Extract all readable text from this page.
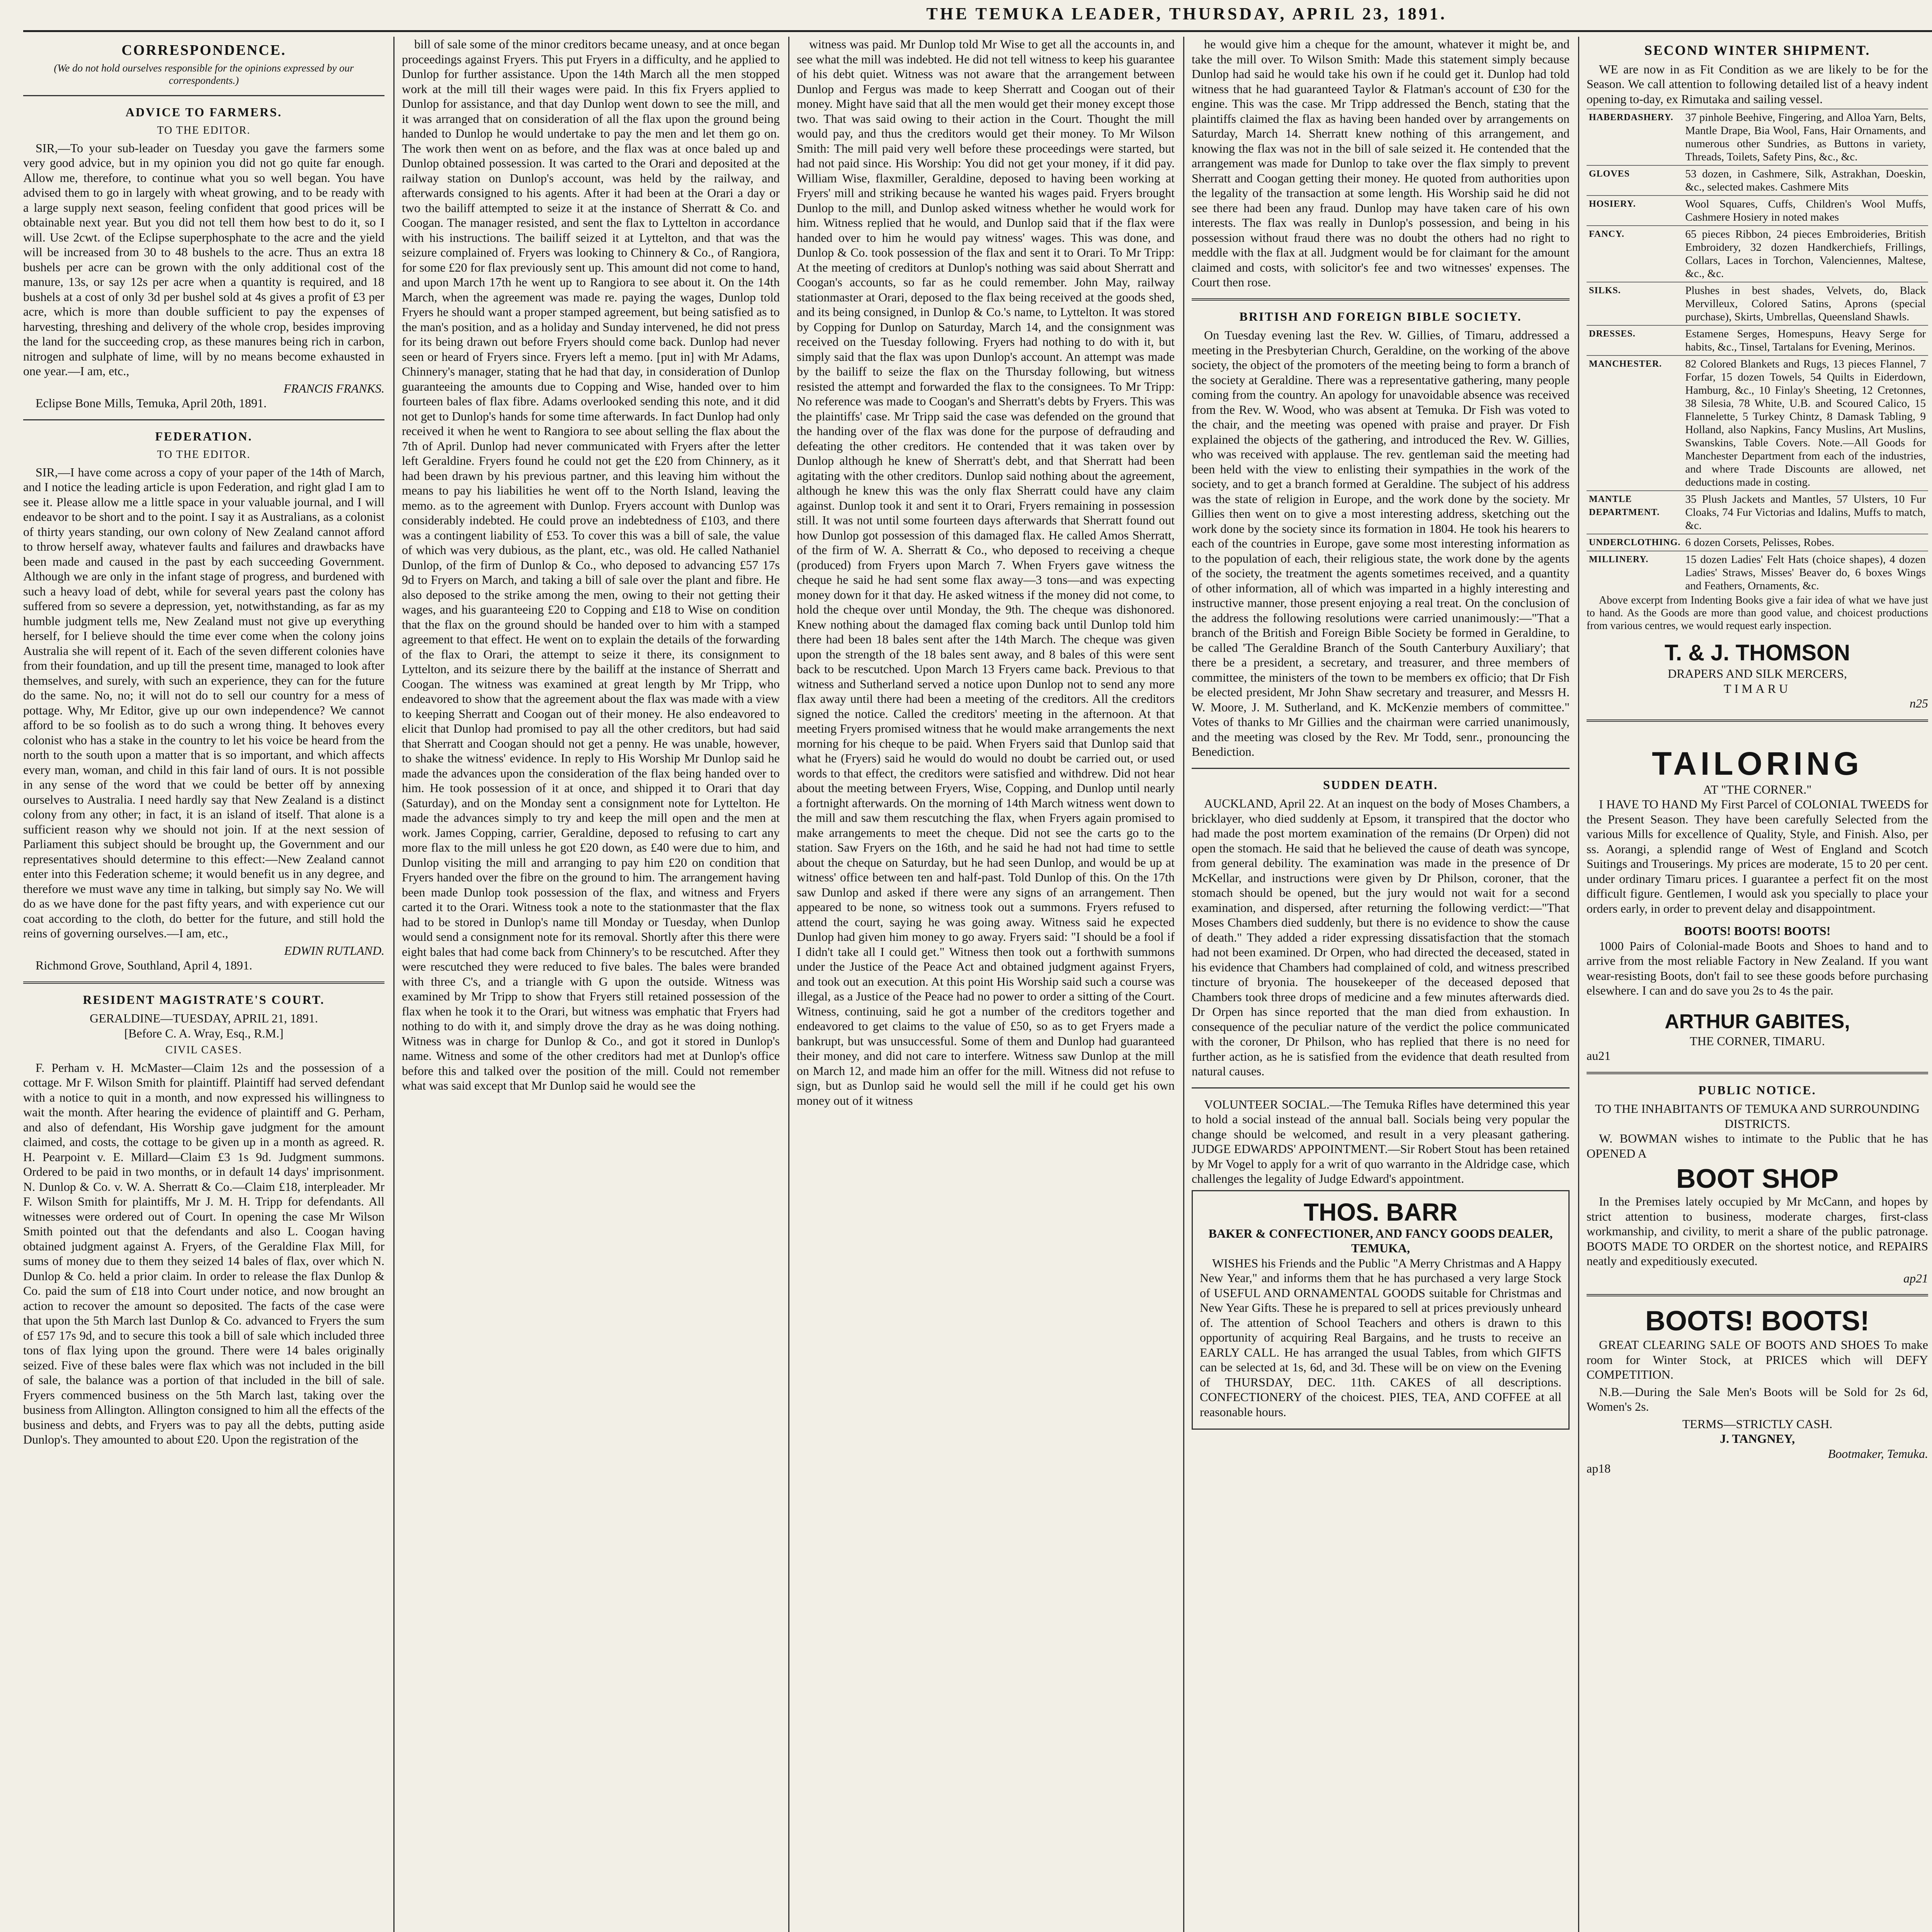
THE TEMUKA LEADER, THURSDAY, APRIL 23, 1891.
CORRESPONDENCE.
(We do not hold ourselves responsible for the opinions expressed by our correspondents.)
ADVICE TO FARMERS.
TO THE EDITOR.

SIR,—To your sub-leader on Tuesday you gave the farmers some very good advice, but in my opinion you did not go quite far enough. Allow me, therefore, to continue what you so well began. You have advised them to go in largely with wheat growing, and to be ready with a large supply next season, feeling confident that good prices will be obtainable next year. But you did not tell them how best to do it, so I will. Use 2cwt. of the Eclipse superphosphate to the acre and the yield will be increased from 30 to 48 bushels to the acre. Thus an extra 18 bushels per acre can be grown with the only additional cost of the manure, 13s, or say 12s per acre when a quantity is required, and 18 bushels at a cost of only 3d per bushel sold at 4s gives a profit of £3 per acre, which is more than double sufficient to pay the expenses of harvesting, threshing and delivery of the whole crop, besides improving the land for the succeeding crop, as these manures being rich in carbon, nitrogen and sulphate of lime, will by no means become exhausted in one year.—I am, etc.,

FRANCIS FRANKS.

Eclipse Bone Mills, Temuka, April 20th, 1891.

FEDERATION.
TO THE EDITOR.

SIR,—I have come across a copy of your paper of the 14th of March, and I notice the leading article is upon Federation, and right glad I am to see it. Please allow me a little space in your valuable journal, and I will endeavor to be short and to the point. I say it as Australians, as a colonist of thirty years standing, our own colony of New Zealand cannot afford to throw herself away, whatever faults and failures and drawbacks have been made and caused in the past by each succeeding Government. Although we are only in the infant stage of progress, and burdened with such a heavy load of debt, while for several years past the colony has suffered from so severe a depression, yet, notwithstanding, as far as my humble judgment tells me, New Zealand must not give up everything herself, for I believe should the time ever come when the colony joins Australia she will repent of it. Each of the seven different colonies have from their foundation, and up till the present time, managed to look after themselves, and surely, with such an experience, they can for the future do the same. No, no; it will not do to sell our country for a mess of pottage. Why, Mr Editor, give up our own independence? We cannot afford to be so foolish as to do such a wrong thing. It behoves every colonist who has a stake in the country to let his voice be heard from the north to the south upon a matter that is so important, and which affects every man, woman, and child in this fair land of ours. It is not possible in any sense of the word that we could be better off by annexing ourselves to Australia. I need hardly say that New Zealand is a distinct colony from any other; in fact, it is an island of itself. That alone is a sufficient reason why we should not join. If at the next session of Parliament this subject should be brought up, the Government and our representatives should determine to this effect:—New Zealand cannot enter into this Federation scheme; it would benefit us in any degree, and therefore we must wave any time in talking, but simply say No. We will do as we have done for the past fifty years, and with experience cut our coat according to the cloth, do better for the future, and still hold the reins of governing ourselves.—I am, etc.,

EDWIN RUTLAND.

Richmond Grove, Southland, April 4, 1891.

RESIDENT MAGISTRATE'S COURT.
GERALDINE—TUESDAY, APRIL 21, 1891.
[Before C. A. Wray, Esq., R.M.]
CIVIL CASES.

F. Perham v. H. McMaster—Claim 12s and the possession of a cottage. Mr F. Wilson Smith for plaintiff. Plaintiff had served defendant with a notice to quit in a month, and now expressed his willingness to wait the month. After hearing the evidence of plaintiff and G. Perham, and also of defendant, His Worship gave judgment for the amount claimed, and costs, the cottage to be given up in a month as agreed. R. H. Pearpoint v. E. Millard—Claim £3 1s 9d. Judgment summons. Ordered to be paid in two months, or in default 14 days' imprisonment. N. Dunlop & Co. v. W. A. Sherratt & Co.—Claim £18, interpleader. Mr F. Wilson Smith for plaintiffs, Mr J. M. H. Tripp for defendants. All witnesses were ordered out of Court. In opening the case Mr Wilson Smith pointed out that the defendants and also L. Coogan having obtained judgment against A. Fryers, of the Geraldine Flax Mill, for sums of money due to them they seized 14 bales of flax, over which N. Dunlop & Co. held a prior claim. In order to release the flax Dunlop & Co. paid the sum of £18 into Court under notice, and now brought an action to recover the amount so deposited. The facts of the case were that upon the 5th March last Dunlop & Co. advanced to Fryers the sum of £57 17s 9d, and to secure this took a bill of sale which included three tons of flax lying upon the ground. There were 14 bales originally seized. Five of these bales were flax which was not included in the bill of sale, the balance was a portion of that included in the bill of sale. Fryers commenced business on the 5th March last, taking over the business from Allington. Allington consigned to him all the effects of the business and debts, and Fryers was to pay all the debts, putting aside Dunlop's. They amounted to about £20. Upon the registration of the

bill of sale some of the minor creditors became uneasy, and at once began proceedings against Fryers. This put Fryers in a difficulty, and he applied to Dunlop for further assistance. Upon the 14th March all the men stopped work at the mill till their wages were paid. In this fix Fryers applied to Dunlop for assistance, and that day Dunlop went down to see the mill, and it was arranged that on consideration of all the flax upon the ground being handed to Dunlop he would undertake to pay the men and let them go on. The work then went on as before, and the flax was at once baled up and Dunlop obtained possession. It was carted to the Orari and deposited at the railway station on Dunlop's account, was held by the railway, and afterwards consigned to his agents. After it had been at the Orari a day or two the bailiff attempted to seize it at the instance of Sherratt & Co. and Coogan. The manager resisted, and sent the flax to Lyttelton in accordance with his instructions. The bailiff seized it at Lyttelton, and that was the seizure complained of. Fryers was looking to Chinnery & Co., of Rangiora, for some £20 for flax previously sent up. This amount did not come to hand, and upon March 17th he went up to Rangiora to see about it. On the 14th March, when the agreement was made re. paying the wages, Dunlop told Fryers he should want a proper stamped agreement, but being satisfied as to the man's position, and as a holiday and Sunday intervened, he did not press for its being drawn out before Fryers should come back. Dunlop had never seen or heard of Fryers since. Fryers left a memo. [put in] with Mr Adams, Chinnery's manager, stating that he had that day, in consideration of Dunlop guaranteeing the amounts due to Copping and Wise, handed over to him fourteen bales of flax fibre. Adams overlooked sending this note, and it did not get to Dunlop's hands for some time afterwards. In fact Dunlop had only received it when he went to Rangiora to see about selling the flax about the 7th of April. Dunlop had never communicated with Fryers after the letter left Geraldine. Fryers found he could not get the £20 from Chinnery, as it had been drawn by his previous partner, and this leaving him without the means to pay his liabilities he went off to the North Island, leaving the memo. as to the agreement with Dunlop. Fryers account with Dunlop was considerably indebted. He could prove an indebtedness of £103, and there was a contingent liability of £53. To cover this was a bill of sale, the value of which was very dubious, as the plant, etc., was old. He called Nathaniel Dunlop, of the firm of Dunlop & Co., who deposed to advancing £57 17s 9d to Fryers on March, and taking a bill of sale over the plant and fibre. He also deposed to the strike among the men, owing to their not getting their wages, and his guaranteeing £20 to Copping and £18 to Wise on condition that the flax on the ground should be handed over to him with a stamped agreement to that effect. He went on to explain the details of the forwarding of the flax to Orari, the attempt to seize it there, its consignment to Lyttelton, and its seizure there by the bailiff at the instance of Sherratt and Coogan. The witness was examined at great length by Mr Tripp, who endeavored to show that the agreement about the flax was made with a view to keeping Sherratt and Coogan out of their money. He also endeavored to elicit that Dunlop had promised to pay all the other creditors, but had said that Sherratt and Coogan should not get a penny. He was unable, however, to shake the witness' evidence. In reply to His Worship Mr Dunlop said he made the advances upon the consideration of the flax being handed over to him. He took possession of it at once, and shipped it to Orari that day (Saturday), and on the Monday sent a consignment note for Lyttelton. He made the advances simply to try and keep the mill open and the men at work. James Copping, carrier, Geraldine, deposed to refusing to cart any more flax to the mill unless he got £20 down, as £40 were due to him, and Dunlop visiting the mill and arranging to pay him £20 on condition that Fryers handed over the fibre on the ground to him. The arrangement having been made Dunlop took possession of the flax, and witness and Fryers carted it to the Orari. Witness took a note to the stationmaster that the flax had to be stored in Dunlop's name till Monday or Tuesday, when Dunlop would send a consignment note for its removal. Shortly after this there were eight bales that had come back from Chinnery's to be rescutched. After they were rescutched they were reduced to five bales. The bales were branded with three C's, and a triangle with G upon the outside. Witness was examined by Mr Tripp to show that Fryers still retained possession of the flax when he took it to the Orari, but witness was emphatic that Fryers had nothing to do with it, and simply drove the dray as he was doing nothing. Witness was in charge for Dunlop & Co., and got it stored in Dunlop's name. Witness and some of the other creditors had met at Dunlop's office before this and talked over the position of the mill. Could not remember what was said except that Mr Dunlop said he would see the

witness was paid. Mr Dunlop told Mr Wise to get all the accounts in, and see what the mill was indebted. He did not tell witness to keep his guarantee of his debt quiet. Witness was not aware that the arrangement between Dunlop and Fergus was made to keep Sherratt and Coogan out of their money. Might have said that all the men would get their money except those two. That was said owing to their action in the Court. Thought the mill would pay, and thus the creditors would get their money. To Mr Wilson Smith: The mill paid very well before these proceedings were started, but had not paid since. His Worship: You did not get your money, if it did pay. William Wise, flaxmiller, Geraldine, deposed to having been working at Fryers' mill and striking because he wanted his wages paid. Fryers brought Dunlop to the mill, and Dunlop asked witness whether he would work for him. Witness replied that he would, and Dunlop said that if the flax were handed over to him he would pay witness' wages. This was done, and Dunlop & Co. took possession of the flax and sent it to Orari. To Mr Tripp: At the meeting of creditors at Dunlop's nothing was said about Sherratt and Coogan's accounts, so far as he could remember. John May, railway stationmaster at Orari, deposed to the flax being received at the goods shed, and its being consigned, in Dunlop & Co.'s name, to Lyttelton. It was stored by Copping for Dunlop on Saturday, March 14, and the consignment was received on the Tuesday following. Fryers had nothing to do with it, but simply said that the flax was upon Dunlop's account. An attempt was made by the bailiff to seize the flax on the Thursday following, but witness resisted the attempt and forwarded the flax to the consignees. To Mr Tripp: No reference was made to Coogan's and Sherratt's debts by Fryers. This was the plaintiffs' case. Mr Tripp said the case was defended on the ground that the handing over of the flax was done for the purpose of defrauding and defeating the other creditors. He contended that it was taken over by Dunlop although he knew of Sherratt's debt, and that Sherratt had been agitating with the other creditors. Dunlop said nothing about the agreement, although he knew this was the only flax Sherratt could have any claim against. Dunlop took it and sent it to Orari, Fryers remaining in possession still. It was not until some fourteen days afterwards that Sherratt found out how Dunlop got possession of this damaged flax. He called Amos Sherratt, of the firm of W. A. Sherratt & Co., who deposed to receiving a cheque (produced) from Fryers upon March 7. When Fryers gave witness the cheque he said he had sent some flax away—3 tons—and was expecting money down for it that day. He asked witness if the money did not come, to hold the cheque over until Monday, the 9th. The cheque was dishonored. Knew nothing about the damaged flax coming back until Dunlop told him there had been 18 bales sent after the 14th March. The cheque was given upon the strength of the 18 bales sent away, and 8 bales of this were sent back to be rescutched. Upon March 13 Fryers came back. Previous to that witness and Sutherland served a notice upon Dunlop not to send any more flax away until there had been a meeting of the creditors. All the creditors signed the notice. Called the creditors' meeting in the afternoon. At that meeting Fryers promised witness that he would make arrangements the next morning for his cheque to be paid. When Fryers said that Dunlop said that what he (Fryers) said he would do would no doubt be carried out, or used words to that effect, the creditors were satisfied and withdrew. Did not hear about the meeting between Fryers, Wise, Copping, and Dunlop until nearly a fortnight afterwards. On the morning of 14th March witness went down to the mill and saw them rescutching the flax, when Fryers again promised to make arrangements to meet the cheque. Did not see the carts go to the station. Saw Fryers on the 16th, and he said he had not had time to settle about the cheque on Saturday, but he had seen Dunlop, and would be up at witness' office between ten and half-past. Told Dunlop of this. On the 17th saw Dunlop and asked if there were any signs of an arrangement. Then appeared to be none, so witness took out a summons. Fryers refused to attend the court, saying he was going away. Witness said he expected Dunlop had given him money to go away. Fryers said: "I should be a fool if I didn't take all I could get." Witness then took out a forthwith summons under the Justice of the Peace Act and obtained judgment against Fryers, and took out an execution. At this point His Worship said such a course was illegal, as a Justice of the Peace had no power to order a sitting of the Court. Witness, continuing, said he got a number of the creditors together and endeavored to get claims to the value of £50, so as to get Fryers made a bankrupt, but was unsuccessful. Some of them and Dunlop had guaranteed their money, and did not care to interfere. Witness saw Dunlop at the mill on March 12, and made him an offer for the mill. Witness did not refuse to sign, but as Dunlop said he would sell the mill if he could get his own money out of it witness

he would give him a cheque for the amount, whatever it might be, and take the mill over. To Wilson Smith: Made this statement simply because Dunlop had said he would take his own if he could get it. Dunlop had told witness that he had guaranteed Taylor & Flatman's account of £30 for the engine. This was the case. Mr Tripp addressed the Bench, stating that the plaintiffs claimed the flax as having been handed over by arrangements on Saturday, March 14. Sherratt knew nothing of this arrangement, and knowing the flax was not in the bill of sale seized it. He contended that the arrangement was made for Dunlop to take over the flax simply to prevent Sherratt and Coogan getting their money. He quoted from authorities upon the legality of the transaction at some length. His Worship said he did not see there had been any fraud. Dunlop may have taken care of his own interests. The flax was really in Dunlop's possession, and being in his possession without fraud there was no doubt the others had no right to meddle with the flax at all. Judgment would be for claimant for the amount claimed and costs, with solicitor's fee and two witnesses' expenses. The Court then rose.

BRITISH AND FOREIGN BIBLE SOCIETY.

On Tuesday evening last the Rev. W. Gillies, of Timaru, addressed a meeting in the Presbyterian Church, Geraldine, on the working of the above society, the object of the promoters of the meeting being to form a branch of the society at Geraldine. There was a representative gathering, many people coming from the country. An apology for unavoidable absence was received from the Rev. W. Wood, who was absent at Temuka. Dr Fish was voted to the chair, and the meeting was opened with praise and prayer. Dr Fish explained the objects of the gathering, and introduced the Rev. W. Gillies, who was received with applause. The rev. gentleman said the meeting had been held with the view to enlisting their sympathies in the work of the society, and to get a branch formed at Geraldine. The subject of his address was the state of religion in Europe, and the work done by the society. Mr Gillies then went on to give a most interesting address, sketching out the work done by the society since its formation in 1804. He took his hearers to each of the countries in Europe, gave some most interesting information as to the population of each, their religious state, the work done by the agents of the society, the treatment the agents sometimes received, and a quantity of other information, all of which was imparted in a highly interesting and instructive manner, those present enjoying a real treat. On the conclusion of the address the following resolutions were carried unanimously:—"That a branch of the British and Foreign Bible Society be formed in Geraldine, to be called 'The Geraldine Branch of the South Canterbury Auxiliary'; that there be a president, a secretary, and treasurer, and three members of committee, the ministers of the town to be members ex officio; that Dr Fish be elected president, Mr John Shaw secretary and treasurer, and Messrs H. W. Moore, J. M. Sutherland, and K. McKenzie members of committee." Votes of thanks to Mr Gillies and the chairman were carried unanimously, and the meeting was closed by the Rev. Mr Todd, senr., pronouncing the Benediction.

SUDDEN DEATH.

AUCKLAND, April 22. At an inquest on the body of Moses Chambers, a bricklayer, who died suddenly at Epsom, it transpired that the doctor who had made the post mortem examination of the remains (Dr Orpen) did not open the stomach. He said that he believed the cause of death was syncope, from general debility. The examination was made in the presence of Dr McKellar, and instructions were given by Dr Philson, coroner, that the stomach should be opened, but the jury would not wait for a second examination, and dispersed, after returning the following verdict:—"That Moses Chambers died suddenly, but there is no evidence to show the cause of death." They added a rider expressing dissatisfaction that the stomach had not been examined. Dr Orpen, who had directed the deceased, stated in his evidence that Chambers had complained of cold, and witness prescribed tincture of bryonia. The housekeeper of the deceased deposed that Chambers took three drops of medicine and a few minutes afterwards died. Dr Orpen has since reported that the man died from exhaustion. In consequence of the peculiar nature of the verdict the police communicated with the coroner, Dr Philson, who has replied that there is no need for further action, as he is satisfied from the evidence that death resulted from natural causes.

VOLUNTEER SOCIAL.—The Temuka Rifles have determined this year to hold a social instead of the annual ball. Socials being very popular the change should be welcomed, and result in a very pleasant gathering. JUDGE EDWARDS' APPOINTMENT.—Sir Robert Stout has been retained by Mr Vogel to apply for a writ of quo warranto in the Aldridge case, which challenges the legality of Judge Edward's appointment.

THOS. BARR
BAKER & CONFECTIONER, AND FANCY GOODS DEALER, TEMUKA,

WISHES his Friends and the Public "A Merry Christmas and A Happy New Year," and informs them that he has purchased a very large Stock of USEFUL AND ORNAMENTAL GOODS suitable for Christmas and New Year Gifts. These he is prepared to sell at prices previously unheard of. The attention of School Teachers and others is drawn to this opportunity of acquiring Real Bargains, and he trusts to receive an EARLY CALL. He has arranged the usual Tables, from which GIFTS can be selected at 1s, 6d, and 3d. These will be on view on the Evening of THURSDAY, DEC. 11th. CAKES of all descriptions. CONFECTIONERY of the choicest. PIES, TEA, AND COFFEE at all reasonable hours.

SECOND WINTER SHIPMENT.

WE are now in as Fit Condition as we are likely to be for the Season. We call attention to following detailed list of a heavy indent opening to-day, ex Rimutaka and sailing vessel.

HABERDASHERY.	37 pinhole Beehive, Fingering, and Alloa Yarn, Belts, Mantle Drape, Bia Wool, Fans, Hair Ornaments, and numerous other Sundries, as Buttons in variety, Threads, Toilets, Safety Pins, &c., &c.
GLOVES	53 dozen, in Cashmere, Silk, Astrakhan, Doeskin, &c., selected makes. Cashmere Mits
HOSIERY.	Wool Squares, Cuffs, Children's Wool Muffs, Cashmere Hosiery in noted makes
FANCY.	65 pieces Ribbon, 24 pieces Embroideries, British Embroidery, 32 dozen Handkerchiefs, Frillings, Collars, Laces in Torchon, Valenciennes, Maltese, &c., &c.
SILKS.	Plushes in best shades, Velvets, do, Black Mervilleux, Colored Satins, Aprons (special purchase), Skirts, Umbrellas, Queensland Shawls.
DRESSES.	Estamene Serges, Homespuns, Heavy Serge for habits, &c., Tinsel, Tartalans for Evening, Merinos.
MANCHESTER.	82 Colored Blankets and Rugs, 13 pieces Flannel, 7 Forfar, 15 dozen Towels, 54 Quilts in Eiderdown, Hamburg, &c., 10 Finlay's Sheeting, 12 Cretonnes, 38 Silesia, 78 White, U.B. and Scoured Calico, 15 Flannelette, 5 Turkey Chintz, 8 Damask Tabling, 9 Holland, also Napkins, Fancy Muslins, Art Muslins, Swanskins, Table Covers. Note.—All Goods for Manchester Department from each of the industries, and where Trade Discounts are allowed, net deductions made in costing.
MANTLE DEPARTMENT.	35 Plush Jackets and Mantles, 57 Ulsters, 10 Fur Cloaks, 74 Fur Victorias and Idalins, Muffs to match, &c.
UNDERCLOTHING.	6 dozen Corsets, Pelisses, Robes.
MILLINERY.	15 dozen Ladies' Felt Hats (choice shapes), 4 dozen Ladies' Straws, Misses' Beaver do, 6 boxes Wings and Feathers, Ornaments, &c.

Above excerpt from Indenting Books give a fair idea of what we have just to hand. As the Goods are more than good value, and choicest productions from various centres, we would request early inspection.

T. & J. THOMSON
DRAPERS AND SILK MERCERS,
TIMARU
n25
TAILORING
AT "THE CORNER."

I HAVE TO HAND My First Parcel of COLONIAL TWEEDS for the Present Season. They have been carefully Selected from the various Mills for excellence of Quality, Style, and Finish. Also, per ss. Aorangi, a splendid range of West of England and Scotch Suitings and Trouserings. My prices are moderate, 15 to 20 per cent. under ordinary Timaru prices. I guarantee a perfect fit on the most difficult figure. Gentlemen, I would ask you specially to place your orders early, in order to prevent delay and disappointment.

BOOTS! BOOTS! BOOTS!

1000 Pairs of Colonial-made Boots and Shoes to hand and to arrive from the most reliable Factory in New Zealand. If you want wear-resisting Boots, don't fail to see these goods before purchasing elsewhere. I can and do save you 2s to 4s the pair.

ARTHUR GABITES,
THE CORNER, TIMARU.
au21
PUBLIC NOTICE.
TO THE INHABITANTS OF TEMUKA AND SURROUNDING DISTRICTS.

W. BOWMAN wishes to intimate to the Public that he has OPENED A

BOOT SHOP

In the Premises lately occupied by Mr McCann, and hopes by strict attention to business, moderate charges, first-class workmanship, and civility, to merit a share of the public patronage. BOOTS MADE TO ORDER on the shortest notice, and REPAIRS neatly and expeditiously executed.

ap21
BOOTS! BOOTS!

GREAT CLEARING SALE OF BOOTS AND SHOES To make room for Winter Stock, at PRICES which will DEFY COMPETITION.

N.B.—During the Sale Men's Boots will be Sold for 2s 6d, Women's 2s.

TERMS—STRICTLY CASH.
J. TANGNEY,
Bootmaker, Temuka.
ap18
